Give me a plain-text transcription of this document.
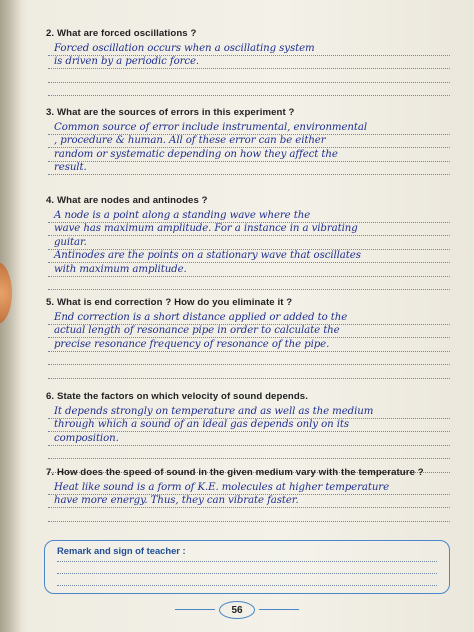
2. What are forced oscillations ?
Forced oscillation occurs when a oscillating system
is driven by a periodic force.
3. What are the sources of errors in this experiment ?
Common source of error include instrumental, environmental
, procedure & human. All of these error can be either
random or systematic depending on how they affect the
result.
4. What are nodes and antinodes ?
A node is a point along a standing wave where the
wave has maximum amplitude. For a instance in a vibrating
guitar.
Antinodes are the points on a stationary wave that oscillates
with maximum amplitude.
5. What is end correction ? How do you eliminate it ?
End correction is a short distance applied or added to the
actual length of resonance pipe in order to calculate the
precise resonance frequency of resonance of the pipe.
6. State the factors on which velocity of sound depends.
It depends strongly on temperature and as well as the medium
through which a sound of an ideal gas depends only on its
composition.
7. How does the speed of sound in the given medium vary with the temperature ?
Heat like sound is a form of K.E. molecules at higher temperature
have more energy. Thus, they can vibrate faster.
Remark and sign of teacher :
56
